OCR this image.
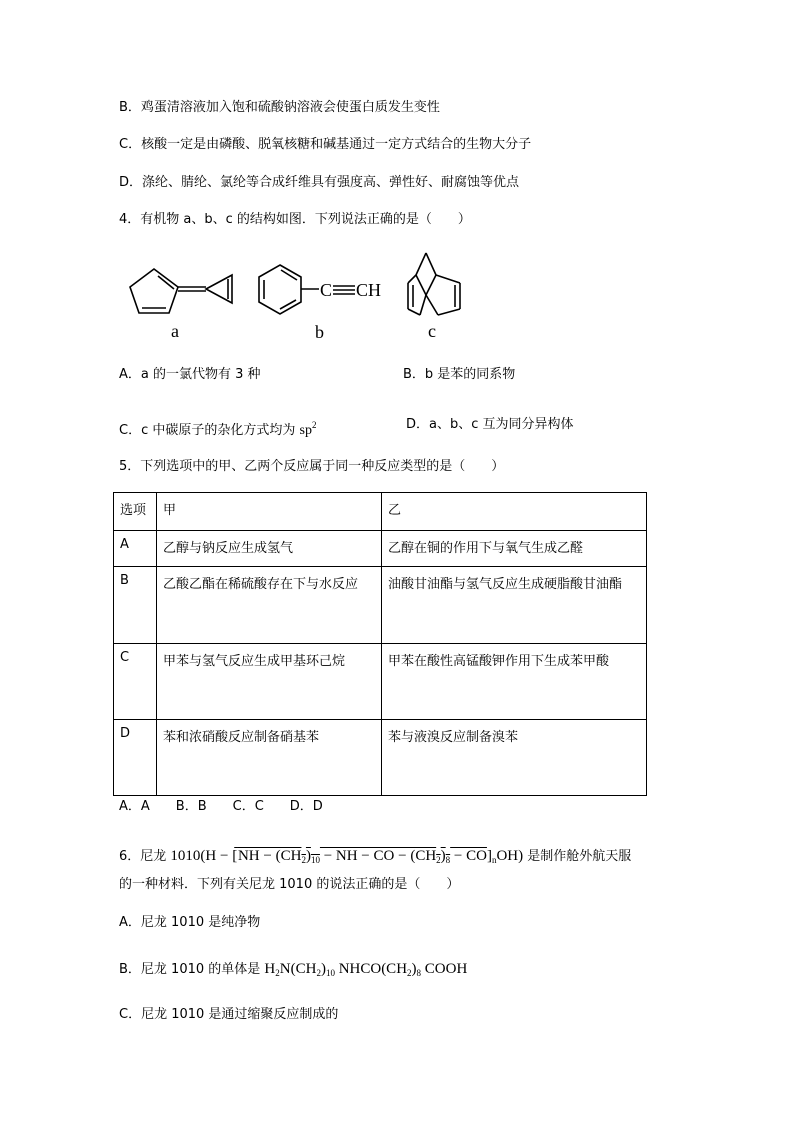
B．鸡蛋清溶液加入饱和硫酸钠溶液会使蛋白质发生变性
C．核酸一定是由磷酸、脱氧核糖和碱基通过一定方式结合的生物大分子
D．涤纶、腈纶、氯纶等合成纤维具有强度高、弹性好、耐腐蚀等优点
4．有机物 a、b、c 的结构如图．下列说法正确的是（　　）
a
C CH
b	c
A．a 的一氯代物有 3 种	B．b 是苯的同系物
C．c 中碳原子的杂化方式均为 $sp^2$	D．a、b、c 互为同分异构体
5．下列选项中的甲、乙两个反应属于同一种反应类型的是（　　）
选项	甲	乙
A	乙醇与钠反应生成氢气	乙醇在铜的作用下与氧气生成乙醛
B	乙酸乙酯在稀硫酸存在下与水反应	油酸甘油酯与氢气反应生成硬脂酸甘油酯
C	甲苯与氢气反应生成甲基环己烷	甲苯在酸性高锰酸钾作用下生成苯甲酸
D	苯和浓硝酸反应制备硝基苯	苯与液溴反应制备溴苯
A．A　　B．B　　C．C　　D．D
6．尼龙 1010(H − [ NH − $(CH_2)_{10}$ − NH − CO − $(CH_2)_8 - CO]_nOH$) 是制作舱外航天服
的一种材料．下列有关尼龙 1010 的说法正确的是（　　）
A．尼龙 1010 是纯净物
B．尼龙 1010 的单体是 $H_2N(CH_2)_{10}$ $NHCO(CH_2)_8$ COOH
C．尼龙 1010 是通过缩聚反应制成的
